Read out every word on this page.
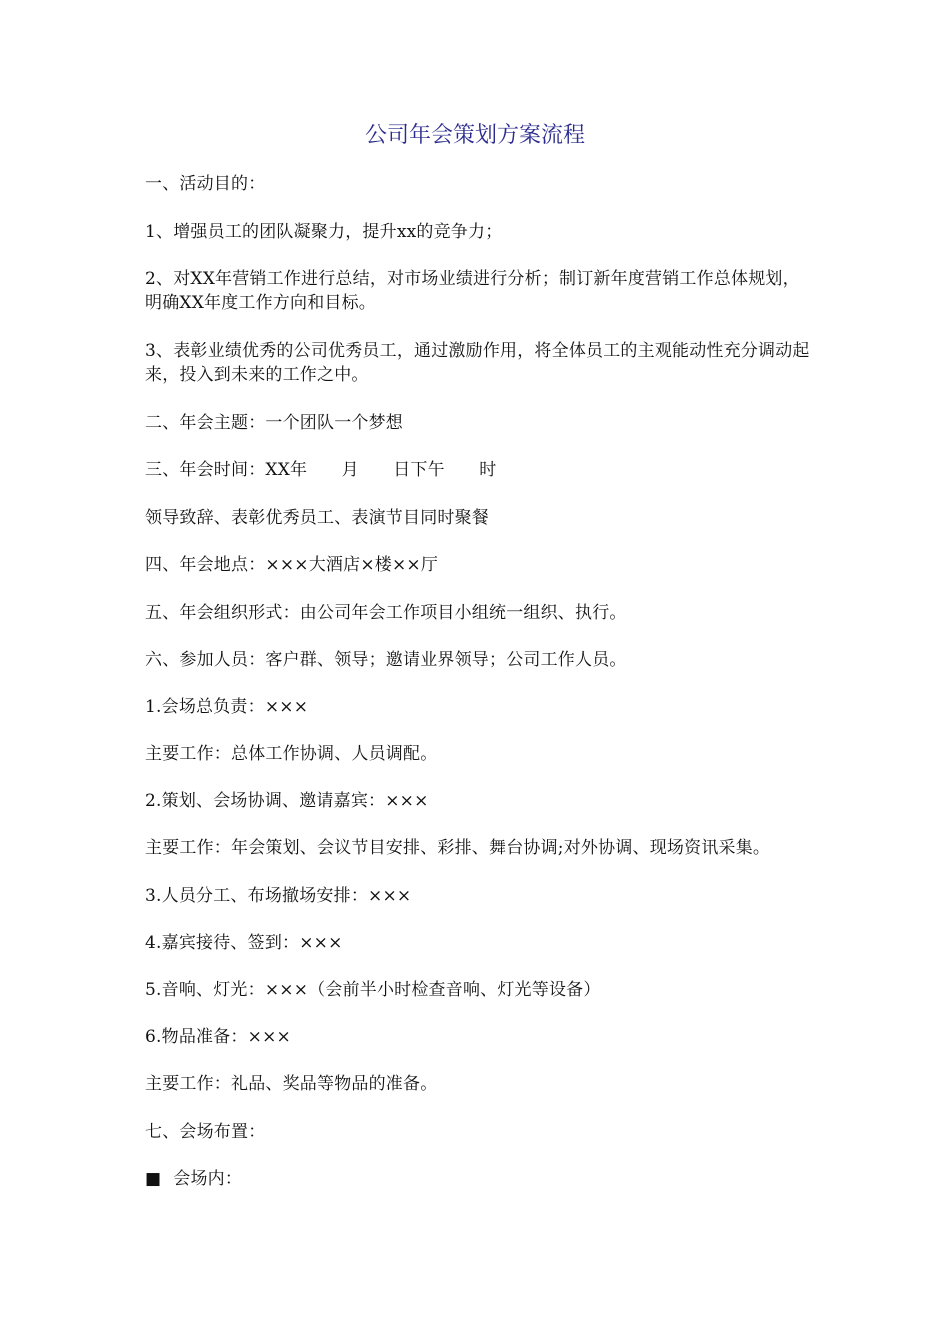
公司年会策划方案流程
一、活动目的：
1、增强员工的团队凝聚力，提升xx的竞争力；
2、对XX年营销工作进行总结，对市场业绩进行分析；制订新年度营销工作总体规划，明确XX年度工作方向和目标。
3、表彰业绩优秀的公司优秀员工，通过激励作用，将全体员工的主观能动性充分调动起来，投入到未来的工作之中。
二、年会主题：一个团队一个梦想
三、年会时间：XX年　　月　　日下午　　时
领导致辞、表彰优秀员工、表演节目同时聚餐
四、年会地点：×××大酒店×楼××厅
五、年会组织形式：由公司年会工作项目小组统一组织、执行。
六、参加人员：客户群、领导；邀请业界领导；公司工作人员。
1.会场总负责：×××
主要工作：总体工作协调、人员调配。
2.策划、会场协调、邀请嘉宾：×××
主要工作：年会策划、会议节目安排、彩排、舞台协调;对外协调、现场资讯采集。
3.人员分工、布场撤场安排：×××
4.嘉宾接待、签到：×××
5.音响、灯光：×××（会前半小时检查音响、灯光等设备）
6.物品准备：×××
主要工作：礼品、奖品等物品的准备。
七、会场布置：
■ 会场内：
